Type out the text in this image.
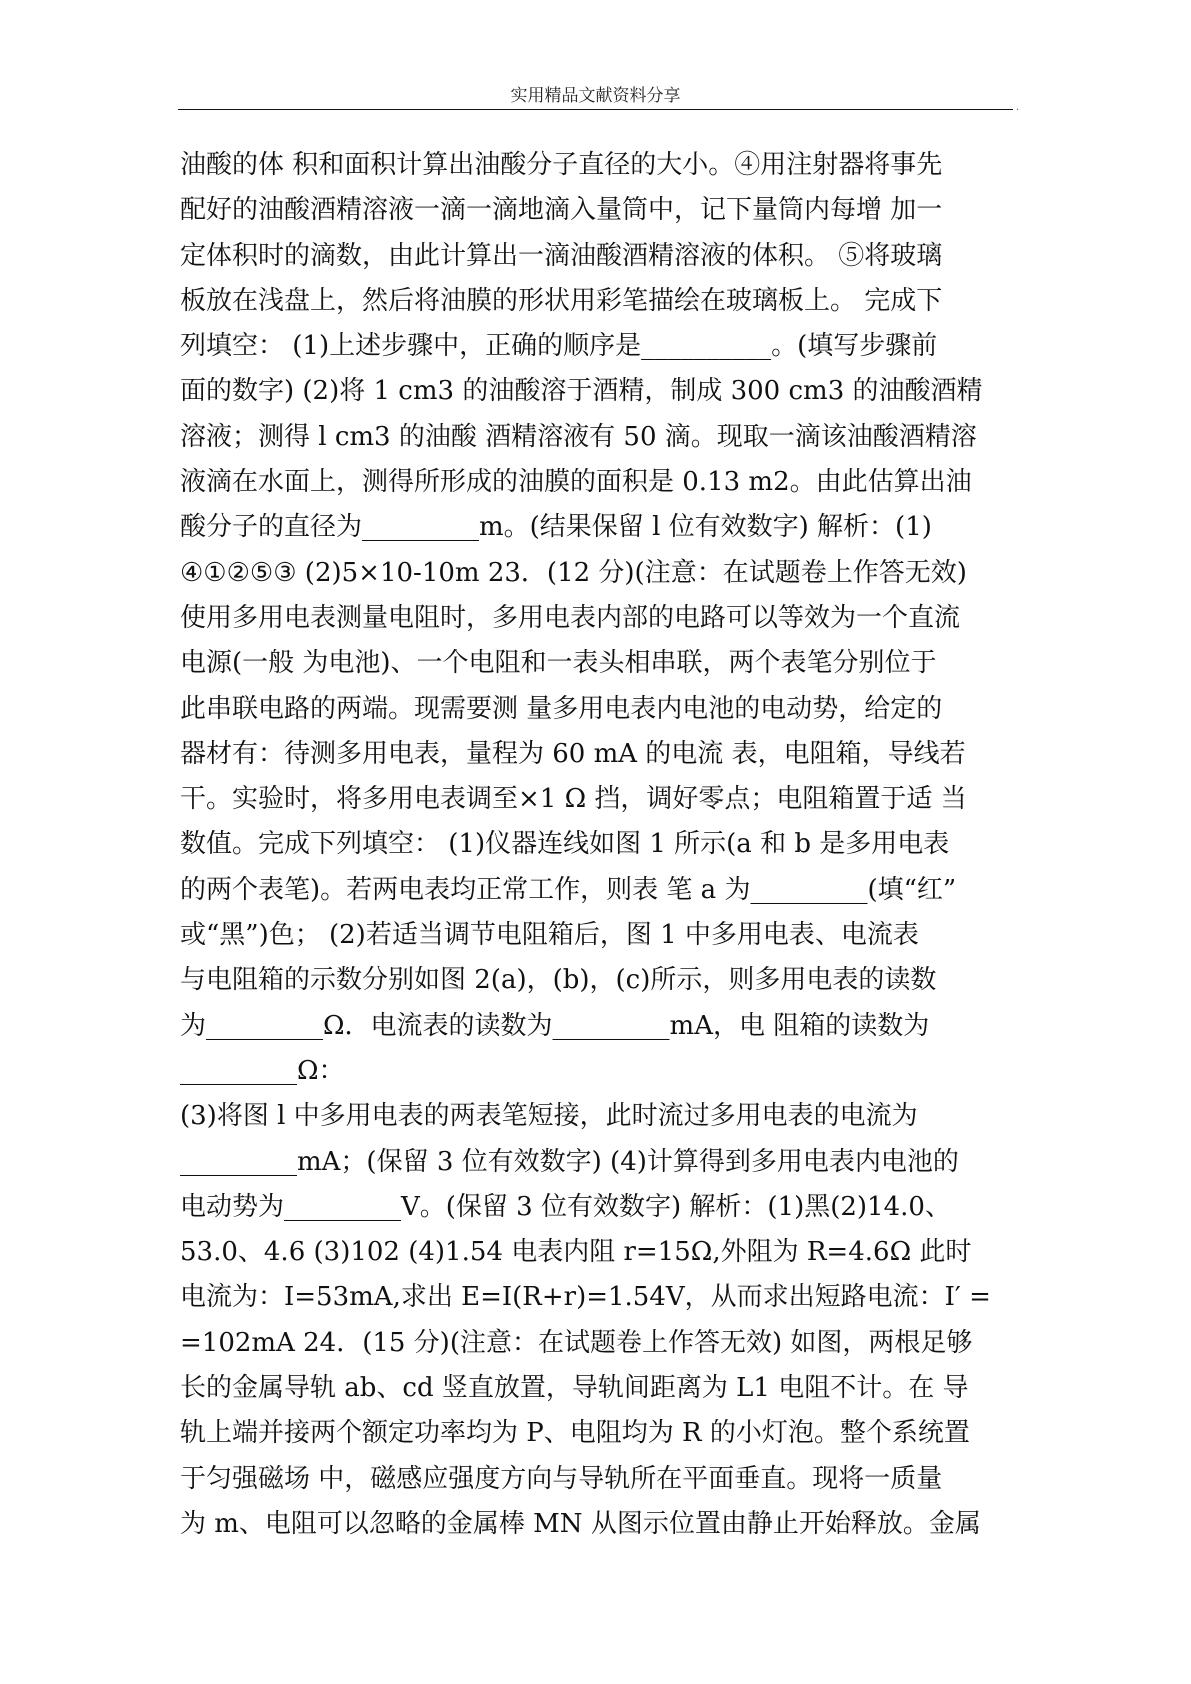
实用精品文献资料分享
.
油酸的体 积和面积计算出油酸分子直径的大小。④用注射器将事先
配好的油酸酒精溶液一滴一滴地滴入量筒中，记下量筒内每增 加一
定体积时的滴数，由此计算出一滴油酸酒精溶液的体积。 ⑤将玻璃
板放在浅盘上，然后将油膜的形状用彩笔描绘在玻璃板上。 完成下
列填空： (1)上述步骤中，正确的顺序是__________。(填写步骤前
面的数字) (2)将 1 cm3 的油酸溶于酒精，制成 300 cm3 的油酸酒精
溶液；测得 l cm3 的油酸 酒精溶液有 50 滴。现取一滴该油酸酒精溶
液滴在水面上，测得所形成的油膜的面积是 0.13 m2。由此估算出油
酸分子的直径为_________m。(结果保留 l 位有效数字) 解析：(1)
④①②⑤③ (2)5×10-10m 23．(12 分)(注意：在试题卷上作答无效)
使用多用电表测量电阻时，多用电表内部的电路可以等效为一个直流
电源(一般 为电池)、一个电阻和一表头相串联，两个表笔分别位于
此串联电路的两端。现需要测 量多用电表内电池的电动势，给定的
器材有：待测多用电表，量程为 60 mA 的电流 表，电阻箱，导线若
干。实验时，将多用电表调至×1 Ω 挡，调好零点；电阻箱置于适 当
数值。完成下列填空： (1)仪器连线如图 1 所示(a 和 b 是多用电表
的两个表笔)。若两电表均正常工作，则表 笔 a 为_________(填“红”
或“黑”)色； (2)若适当调节电阻箱后，图 1 中多用电表、电流表
与电阻箱的示数分别如图 2(a)，(b)，(c)所示，则多用电表的读数
为_________Ω．电流表的读数为_________mA，电 阻箱的读数为
_________Ω：
(3)将图 l 中多用电表的两表笔短接，此时流过多用电表的电流为
_________mA；(保留 3 位有效数字) (4)计算得到多用电表内电池的
电动势为_________V。(保留 3 位有效数字) 解析：(1)黑(2)14.0、
53.0、4.6 (3)102 (4)1.54 电表内阻 r=15Ω,外阻为 R=4.6Ω 此时
电流为：I=53mA,求出 E=I(R+r)=1.54V，从而求出短路电流：I′ =
=102mA 24．(15 分)(注意：在试题卷上作答无效) 如图，两根足够
长的金属导轨 ab、cd 竖直放置，导轨间距离为 L1 电阻不计。在 导
轨上端并接两个额定功率均为 P、电阻均为 R 的小灯泡。整个系统置
于匀强磁场 中，磁感应强度方向与导轨所在平面垂直。现将一质量
为 m、电阻可以忽略的金属棒 MN 从图示位置由静止开始释放。金属
